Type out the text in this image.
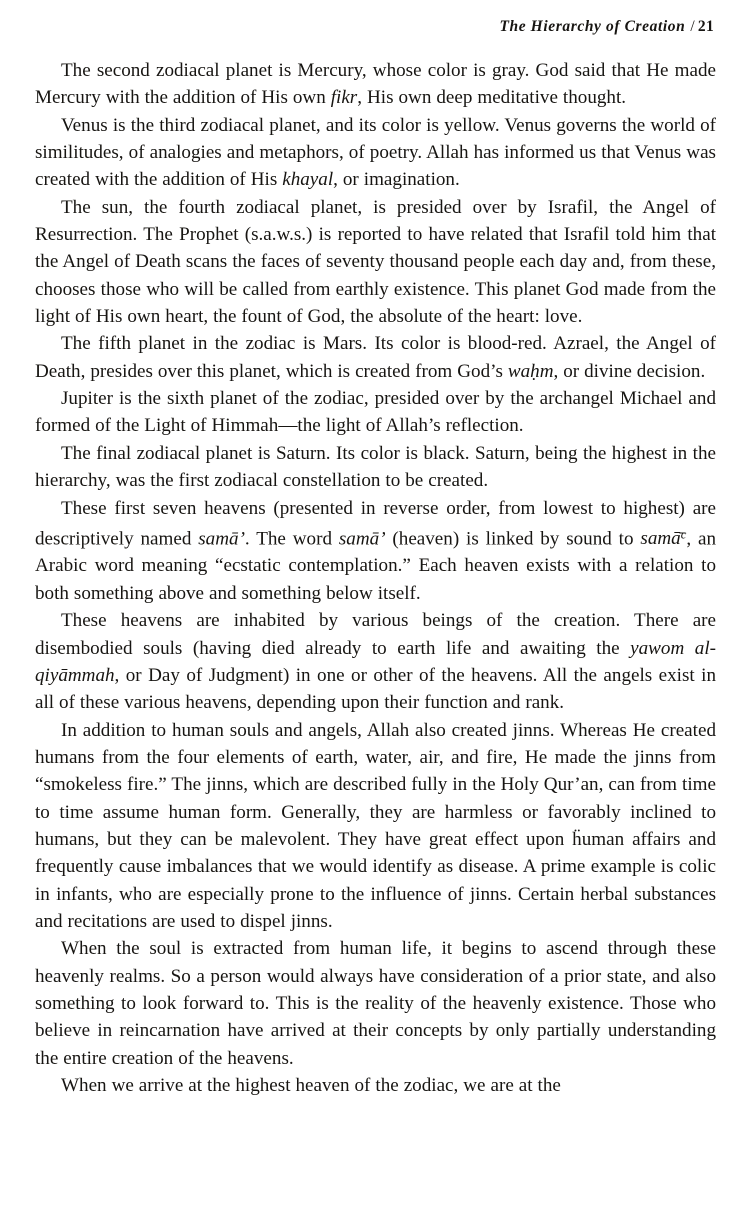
The Hierarchy of Creation / 21

The second zodiacal planet is Mercury, whose color is gray. God said that He made Mercury with the addition of His own fikr, His own deep meditative thought.

Venus is the third zodiacal planet, and its color is yellow. Venus governs the world of similitudes, of analogies and metaphors, of poetry. Allah has informed us that Venus was created with the addition of His khayal, or imagination.

The sun, the fourth zodiacal planet, is presided over by Israfil, the Angel of Resurrection. The Prophet (s.a.w.s.) is reported to have related that Israfil told him that the Angel of Death scans the faces of seventy thousand people each day and, from these, chooses those who will be called from earthly existence. This planet God made from the light of His own heart, the fount of God, the absolute of the heart: love.

The fifth planet in the zodiac is Mars. Its color is blood-red. Azrael, the Angel of Death, presides over this planet, which is created from God’s waḥm, or divine decision.

Jupiter is the sixth planet of the zodiac, presided over by the archangel Michael and formed of the Light of Himmah—the light of Allah’s reflection.

The final zodiacal planet is Saturn. Its color is black. Saturn, being the highest in the hierarchy, was the first zodiacal constellation to be created.

These first seven heavens (presented in reverse order, from lowest to highest) are descriptively named samā’. The word samā’ (heaven) is linked by sound to samā̄$^c$, an Arabic word meaning “ecstatic contemplation.” Each heaven exists with a relation to both something above and something below itself.

These heavens are inhabited by various beings of the creation. There are disembodied souls (having died already to earth life and awaiting the yawom al-qiyāmmah, or Day of Judgment) in one or other of the heavens. All the angels exist in all of these various heavens, depending upon their function and rank.

In addition to human souls and angels, Allah also created jinns. Whereas He created humans from the four elements of earth, water, air, and fire, He made the jinns from “smokeless fire.” The jinns, which are described fully in the Holy Qur’an, can from time to time assume human form. Generally, they are harmless or favorably inclined to humans, but they can be malevolent. They have great effect upon ḧuman affairs and frequently cause imbalances that we would identify as disease. A prime example is colic in infants, who are especially prone to the influence of jinns. Certain herbal substances and recitations are used to dispel jinns.

When the soul is extracted from human life, it begins to ascend through these heavenly realms. So a person would always have consideration of a prior state, and also something to look forward to. This is the reality of the heavenly existence. Those who believe in reincarnation have arrived at their concepts by only partially understanding the entire creation of the heavens.

When we arrive at the highest heaven of the zodiac, we are at the
